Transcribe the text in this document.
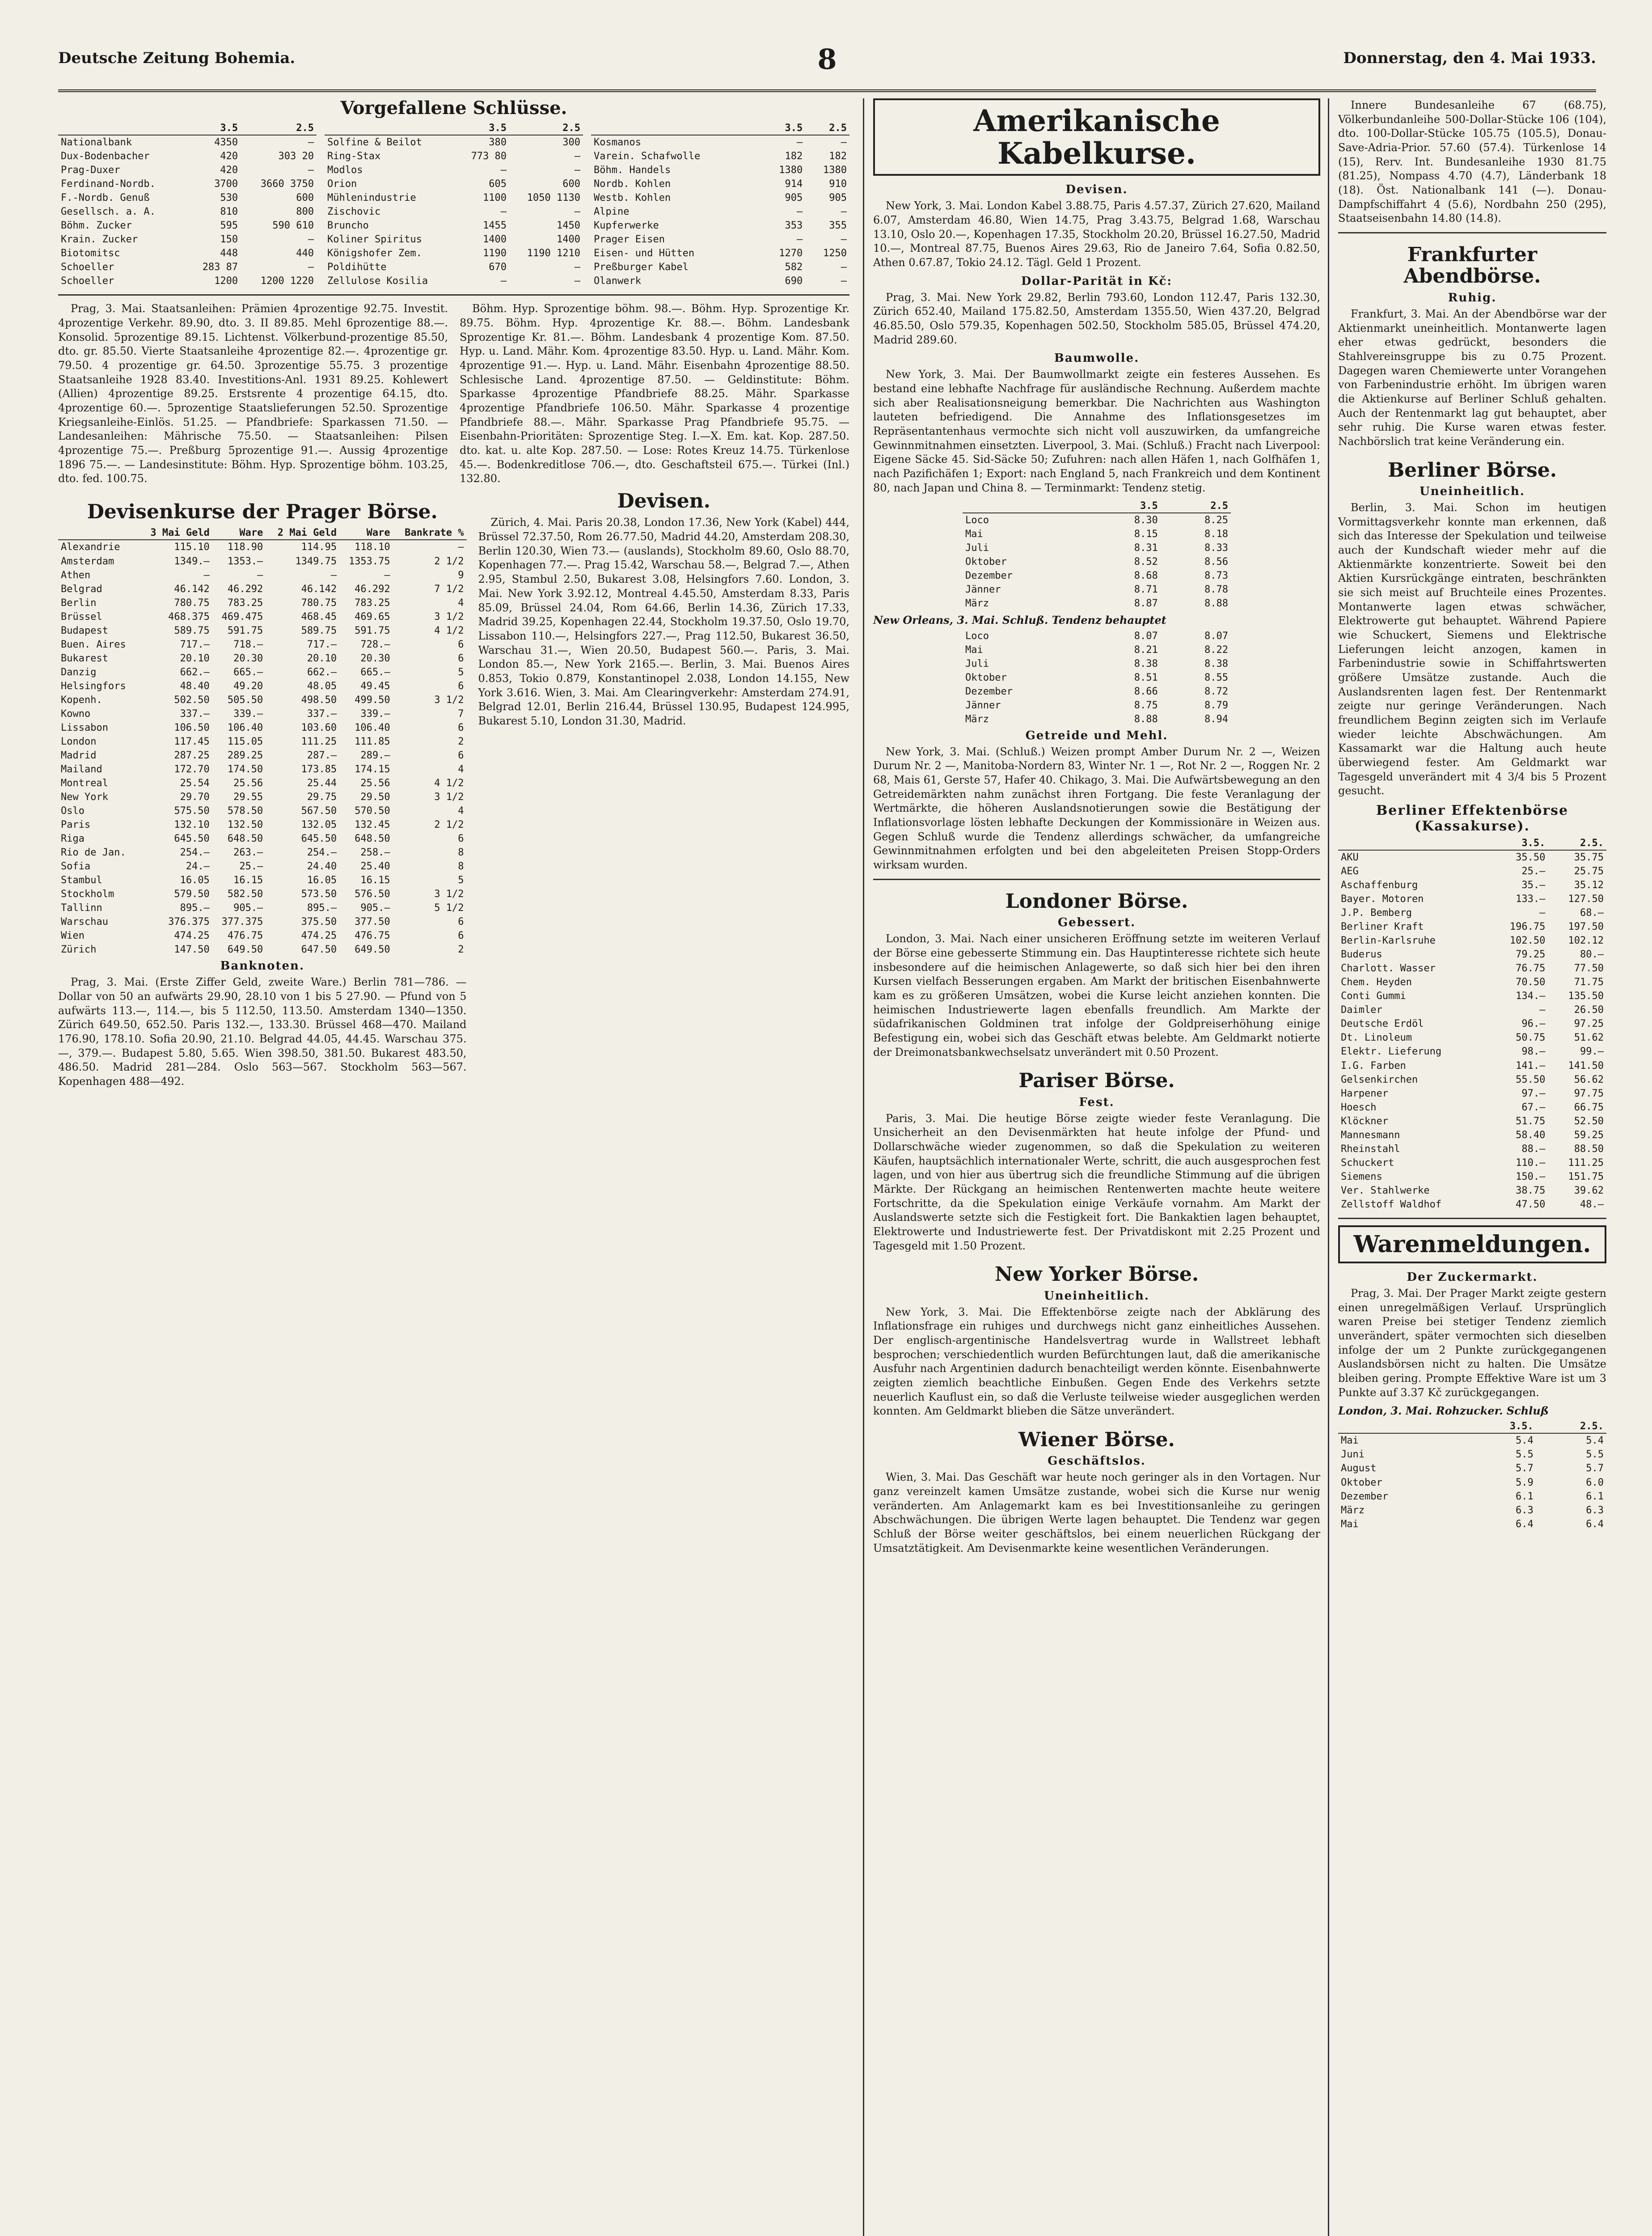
Deutsche Zeitung Bohemia.	8	Donnerstag, den 4. Mai 1933.
Vorgefallene Schlüsse.
	3.5	2.5
Nationalbank	4350	—
Dux-Bodenbacher	420	303 20
Prag-Duxer	420	—
Ferdinand-Nordb.	3700	3660 3750
F.-Nordb. Genuß	530	600
Gesellsch. a. A.	810	800
Böhm. Zucker	595	590 610
Krain. Zucker	150	—
Biotomitsc	448	440
Schoeller	283 87	—
Schoeller	1200	1200 1220
	3.5	2.5
Solfine & Beilot	380	300
Ring-Stax	773 80	—
Modlos	—	—
Orion	605	600
Mühlenindustrie	1100	1050 1130
Zischovic	—	—
Bruncho	1455	1450
Koliner Spiritus	1400	1400
Königshofer Zem.	1190	1190 1210
Poldihütte	670	—
Zellulose Kosilia	—	—
	3.5	2.5
Kosmanos	—	—
Varein. Schafwolle	182	182
Böhm. Handels	1380	1380
Nordb. Kohlen	914	910
Westb. Kohlen	905	905
Alpine	—	—
Kupferwerke	353	355
Prager Eisen	—	—
Eisen- und Hütten	1270	1250
Preßburger Kabel	582	—
Olanwerk	690	—

Prag, 3. Mai. Staatsanleihen: Prämien 4prozentige 92.75. Investit. 4prozentige Verkehr. 89.90, dto. 3. II 89.85. Mehl 6prozentige 88.—. Konsolid. 5prozentige 89.15. Lichtenst. Völkerbund-prozentige 85.50, dto. gr. 85.50. Vierte Staatsanleihe 4prozentige 82.—. 4prozentige gr. 79.50. 4 prozentige gr. 64.50. 3prozentige 55.75. 3 prozentige Staatsanleihe 1928 83.40. Investitions-Anl. 1931 89.25. Kohlewert (Allien) 4prozentige 89.25. Erstsrente 4 prozentige 64.15, dto. 4prozentige 60.—. 5prozentige Staatslieferungen 52.50. Sprozentige Kriegsanleihe-Einlös. 51.25. — Pfandbriefe: Sparkassen 71.50. — Landesanleihen: Mährische 75.50. — Staatsanleihen: Pilsen 4prozentige 75.—. Preßburg 5prozentige 91.—. Aussig 4prozentige 1896 75.—. — Landesinstitute: Böhm. Hyp. Sprozentige böhm. 103.25, dto. fed. 100.75.

Böhm. Hyp. Sprozentige böhm. 98.—. Böhm. Hyp. Sprozentige Kr. 89.75. Böhm. Hyp. 4prozentige Kr. 88.—. Böhm. Landesbank Sprozentige Kr. 81.—. Böhm. Landesbank 4 prozentige Kom. 87.50. Hyp. u. Land. Mähr. Kom. 4prozentige 83.50. Hyp. u. Land. Mähr. Kom. 4prozentige 91.—. Hyp. u. Land. Mähr. Eisenbahn 4prozentige 88.50. Schlesische Land. 4prozentige 87.50. — Geldinstitute: Böhm. Sparkasse 4prozentige Pfandbriefe 88.25. Mähr. Sparkasse 4prozentige Pfandbriefe 106.50. Mähr. Sparkasse 4 prozentige Pfandbriefe 88.—. Mähr. Sparkasse Prag Pfandbriefe 95.75. — Eisenbahn-Prioritäten: Sprozentige Steg. I.—X. Em. kat. Kop. 287.50. dto. kat. u. alte Kop. 287.50. — Lose: Rotes Kreuz 14.75. Türkenlose 45.—. Bodenkreditlose 706.—, dto. Geschaftsteil 675.—. Türkei (Inl.) 132.80.

Devisenkurse der Prager Börse.
	3 Mai Geld	Ware	2 Mai Geld	Ware	Bankrate %
Alexandrie	115.10	118.90	114.95	118.10	—
Amsterdam	1349.—	1353.—	1349.75	1353.75	2 1/2
Athen	—	—	—	—	9
Belgrad	46.142	46.292	46.142	46.292	7 1/2
Berlin	780.75	783.25	780.75	783.25	4
Brüssel	468.375	469.475	468.45	469.65	3 1/2
Budapest	589.75	591.75	589.75	591.75	4 1/2
Buen. Aires	717.—	718.—	717.—	728.—	6
Bukarest	20.10	20.30	20.10	20.30	6
Danzig	662.—	665.—	662.—	665.—	5
Helsingfors	48.40	49.20	48.05	49.45	6
Kopenh.	502.50	505.50	498.50	499.50	3 1/2
Kowno	337.—	339.—	337.—	339.—	7
Lissabon	106.50	106.40	103.60	106.40	6
London	117.45	115.05	111.25	111.85	2
Madrid	287.25	289.25	287.—	289.—	6
Mailand	172.70	174.50	173.85	174.15	4
Montreal	25.54	25.56	25.44	25.56	4 1/2
New York	29.70	29.55	29.75	29.50	3 1/2
Oslo	575.50	578.50	567.50	570.50	4
Paris	132.10	132.50	132.05	132.45	2 1/2
Riga	645.50	648.50	645.50	648.50	6
Rio de Jan.	254.—	263.—	254.—	258.—	8
Sofia	24.—	25.—	24.40	25.40	8
Stambul	16.05	16.15	16.05	16.15	5
Stockholm	579.50	582.50	573.50	576.50	3 1/2
Tallinn	895.—	905.—	895.—	905.—	5 1/2
Warschau	376.375	377.375	375.50	377.50	6
Wien	474.25	476.75	474.25	476.75	6
Zürich	147.50	649.50	647.50	649.50	2
Banknoten.

Prag, 3. Mai. (Erste Ziffer Geld, zweite Ware.) Berlin 781—786. — Dollar von 50 an aufwärts 29.90, 28.10 von 1 bis 5 27.90. — Pfund von 5 aufwärts 113.—, 114.—, bis 5 112.50, 113.50. Amsterdam 1340—1350. Zürich 649.50, 652.50. Paris 132.—, 133.30. Brüssel 468—470. Mailand 176.90, 178.10. Sofia 20.90, 21.10. Belgrad 44.05, 44.45. Warschau 375.—, 379.—. Budapest 5.80, 5.65. Wien 398.50, 381.50. Bukarest 483.50, 486.50. Madrid 281—284. Oslo 563—567. Stockholm 563—567. Kopenhagen 488—492.

Devisen.

Zürich, 4. Mai. Paris 20.38, London 17.36, New York (Kabel) 444, Brüssel 72.37.50, Rom 26.77.50, Madrid 44.20, Amsterdam 208.30, Berlin 120.30, Wien 73.— (auslands), Stockholm 89.60, Oslo 88.70, Kopenhagen 77.—. Prag 15.42, Warschau 58.—, Belgrad 7.—, Athen 2.95, Stambul 2.50, Bukarest 3.08, Helsingfors 7.60. London, 3. Mai. New York 3.92.12, Montreal 4.45.50, Amsterdam 8.33, Paris 85.09, Brüssel 24.04, Rom 64.66, Berlin 14.36, Zürich 17.33, Madrid 39.25, Kopenhagen 22.44, Stockholm 19.37.50, Oslo 19.70, Lissabon 110.—, Helsingfors 227.—, Prag 112.50, Bukarest 36.50, Warschau 31.—, Wien 20.50, Budapest 560.—. Paris, 3. Mai. London 85.—, New York 2165.—. Berlin, 3. Mai. Buenos Aires 0.853, Tokio 0.879, Konstantinopel 2.038, London 14.155, New York 3.616. Wien, 3. Mai. Am Clearingverkehr: Amsterdam 274.91, Belgrad 12.01, Berlin 216.44, Brüssel 130.95, Budapest 124.995, Bukarest 5.10, London 31.30, Madrid.

Amerikanische Kabelkurse.
Devisen.

New York, 3. Mai. London Kabel 3.88.75, Paris 4.57.37, Zürich 27.620, Mailand 6.07, Amsterdam 46.80, Wien 14.75, Prag 3.43.75, Belgrad 1.68, Warschau 13.10, Oslo 20.—, Kopenhagen 17.35, Stockholm 20.20, Brüssel 16.27.50, Madrid 10.—, Montreal 87.75, Buenos Aires 29.63, Rio de Janeiro 7.64, Sofia 0.82.50, Athen 0.67.87, Tokio 24.12. Tägl. Geld 1 Prozent.

Dollar-Parität in Kč:

Prag, 3. Mai. New York 29.82, Berlin 793.60, London 112.47, Paris 132.30, Zürich 652.40, Mailand 175.82.50, Amsterdam 1355.50, Wien 437.20, Belgrad 46.85.50, Oslo 579.35, Kopenhagen 502.50, Stockholm 585.05, Brüssel 474.20, Madrid 289.60.

Baumwolle.

New York, 3. Mai. Der Baumwollmarkt zeigte ein festeres Aussehen. Es bestand eine lebhafte Nachfrage für ausländische Rechnung. Außerdem machte sich aber Realisationsneigung bemerkbar. Die Nachrichten aus Washington lauteten befriedigend. Die Annahme des Inflationsgesetzes im Repräsentantenhaus vermochte sich nicht voll auszuwirken, da umfangreiche Gewinnmitnahmen einsetzten. Liverpool, 3. Mai. (Schluß.) Fracht nach Liverpool: Eigene Säcke 45. Sid-Säcke 50; Zufuhren: nach allen Häfen 1, nach Golfhäfen 1, nach Pazifichäfen 1; Export: nach England 5, nach Frankreich und dem Kontinent 80, nach Japan und China 8. — Terminmarkt: Tendenz stetig.

	3.5	2.5
Loco	8.30	8.25
Mai	8.15	8.18
Juli	8.31	8.33
Oktober	8.52	8.56
Dezember	8.68	8.73
Jänner	8.71	8.78
März	8.87	8.88
New Orleans, 3. Mai. Schluß. Tendenz behauptet
Loco	8.07	8.07
Mai	8.21	8.22
Juli	8.38	8.38
Oktober	8.51	8.55
Dezember	8.66	8.72
Jänner	8.75	8.79
März	8.88	8.94
Getreide und Mehl.

New York, 3. Mai. (Schluß.) Weizen prompt Amber Durum Nr. 2 —, Weizen Durum Nr. 2 —, Manitoba-Nordern 83, Winter Nr. 1 —, Rot Nr. 2 —, Roggen Nr. 2 68, Mais 61, Gerste 57, Hafer 40. Chikago, 3. Mai. Die Aufwärtsbewegung an den Getreidemärkten nahm zunächst ihren Fortgang. Die feste Veranlagung der Wertmärkte, die höheren Auslandsnotierungen sowie die Bestätigung der Inflationsvorlage lösten lebhafte Deckungen der Kommissionäre in Weizen aus. Gegen Schluß wurde die Tendenz allerdings schwächer, da umfangreiche Gewinnmitnahmen erfolgten und bei den abgeleiteten Preisen Stopp-Orders wirksam wurden.

Londoner Börse.
Gebessert.

London, 3. Mai. Nach einer unsicheren Eröffnung setzte im weiteren Verlauf der Börse eine gebesserte Stimmung ein. Das Hauptinteresse richtete sich heute insbesondere auf die heimischen Anlagewerte, so daß sich hier bei den ihren Kursen vielfach Besserungen ergaben. Am Markt der britischen Eisenbahnwerte kam es zu größeren Umsätzen, wobei die Kurse leicht anziehen konnten. Die heimischen Industriewerte lagen ebenfalls freundlich. Am Markte der südafrikanischen Goldminen trat infolge der Goldpreiserhöhung einige Befestigung ein, wobei sich das Geschäft etwas belebte. Am Geldmarkt notierte der Dreimonatsbankwechselsatz unverändert mit 0.50 Prozent.

Pariser Börse.
Fest.

Paris, 3. Mai. Die heutige Börse zeigte wieder feste Veranlagung. Die Unsicherheit an den Devisenmärkten hat heute infolge der Pfund- und Dollarschwäche wieder zugenommen, so daß die Spekulation zu weiteren Käufen, hauptsächlich internationaler Werte, schritt, die auch ausgesprochen fest lagen, und von hier aus übertrug sich die freundliche Stimmung auf die übrigen Märkte. Der Rückgang an heimischen Rentenwerten machte heute weitere Fortschritte, da die Spekulation einige Verkäufe vornahm. Am Markt der Auslandswerte setzte sich die Festigkeit fort. Die Bankaktien lagen behauptet, Elektrowerte und Industriewerte fest. Der Privatdiskont mit 2.25 Prozent und Tagesgeld mit 1.50 Prozent.

New Yorker Börse.
Uneinheitlich.

New York, 3. Mai. Die Effektenbörse zeigte nach der Abklärung des Inflationsfrage ein ruhiges und durchwegs nicht ganz einheitliches Aussehen. Der englisch-argentinische Handelsvertrag wurde in Wallstreet lebhaft besprochen; verschiedentlich wurden Befürchtungen laut, daß die amerikanische Ausfuhr nach Argentinien dadurch benachteiligt werden könnte. Eisenbahnwerte zeigten ziemlich beachtliche Einbußen. Gegen Ende des Verkehrs setzte neuerlich Kauflust ein, so daß die Verluste teilweise wieder ausgeglichen werden konnten. Am Geldmarkt blieben die Sätze unverändert.

Wiener Börse.
Geschäftslos.

Wien, 3. Mai. Das Geschäft war heute noch geringer als in den Vortagen. Nur ganz vereinzelt kamen Umsätze zustande, wobei sich die Kurse nur wenig veränderten. Am Anlagemarkt kam es bei Investitionsanleihe zu geringen Abschwächungen. Die übrigen Werte lagen behauptet. Die Tendenz war gegen Schluß der Börse weiter geschäftslos, bei einem neuerlichen Rückgang der Umsatztätigkeit. Am Devisenmarkte keine wesentlichen Veränderungen.

Innere Bundesanleihe 67 (68.75), Völkerbundanleihe 500-Dollar-Stücke 106 (104), dto. 100-Dollar-Stücke 105.75 (105.5), Donau-Save-Adria-Prior. 57.60 (57.4). Türkenlose 14 (15), Rerv. Int. Bundesanleihe 1930 81.75 (81.25), Nompass 4.70 (4.7), Länderbank 18 (18). Öst. Nationalbank 141 (—). Donau-Dampfschiffahrt 4 (5.6), Nordbahn 250 (295), Staatseisenbahn 14.80 (14.8).

Frankfurter Abendbörse.
Ruhig.

Frankfurt, 3. Mai. An der Abendbörse war der Aktienmarkt uneinheitlich. Montanwerte lagen eher etwas gedrückt, besonders die Stahlvereinsgruppe bis zu 0.75 Prozent. Dagegen waren Chemiewerte unter Vorangehen von Farbenindustrie erhöht. Im übrigen waren die Aktienkurse auf Berliner Schluß gehalten. Auch der Rentenmarkt lag gut behauptet, aber sehr ruhig. Die Kurse waren etwas fester. Nachbörslich trat keine Veränderung ein.

Berliner Börse.
Uneinheitlich.

Berlin, 3. Mai. Schon im heutigen Vormittagsverkehr konnte man erkennen, daß sich das Interesse der Spekulation und teilweise auch der Kundschaft wieder mehr auf die Aktienmärkte konzentrierte. Soweit bei den Aktien Kursrückgänge eintraten, beschränkten sie sich meist auf Bruchteile eines Prozentes. Montanwerte lagen etwas schwächer, Elektrowerte gut behauptet. Während Papiere wie Schuckert, Siemens und Elektrische Lieferungen leicht anzogen, kamen in Farbenindustrie sowie in Schiffahrtswerten größere Umsätze zustande. Auch die Auslandsrenten lagen fest. Der Rentenmarkt zeigte nur geringe Veränderungen. Nach freundlichem Beginn zeigten sich im Verlaufe wieder leichte Abschwächungen. Am Kassamarkt war die Haltung auch heute überwiegend fester. Am Geldmarkt war Tagesgeld unverändert mit 4 3/4 bis 5 Prozent gesucht.

Berliner Effektenbörse (Kassakurse).
	3.5.	2.5.
AKU	35.50	35.75
AEG	25.—	25.75
Aschaffenburg	35.—	35.12
Bayer. Motoren	133.—	127.50
J.P. Bemberg	—	68.—
Berliner Kraft	196.75	197.50
Berlin-Karlsruhe	102.50	102.12
Buderus	79.25	80.—
Charlott. Wasser	76.75	77.50
Chem. Heyden	70.50	71.75
Conti Gummi	134.—	135.50
Daimler	—	26.50
Deutsche Erdöl	96.—	97.25
Dt. Linoleum	50.75	51.62
Elektr. Lieferung	98.—	99.—
I.G. Farben	141.—	141.50
Gelsenkirchen	55.50	56.62
Harpener	97.—	97.75
Hoesch	67.—	66.75
Klöckner	51.75	52.50
Mannesmann	58.40	59.25
Rheinstahl	88.—	88.50
Schuckert	110.—	111.25
Siemens	150.—	151.75
Ver. Stahlwerke	38.75	39.62
Zellstoff Waldhof	47.50	48.—
Warenmeldungen.
Der Zuckermarkt.

Prag, 3. Mai. Der Prager Markt zeigte gestern einen unregelmäßigen Verlauf. Ursprünglich waren Preise bei stetiger Tendenz ziemlich unverändert, später vermochten sich dieselben infolge der um 2 Punkte zurückgegangenen Auslandsbörsen nicht zu halten. Die Umsätze bleiben gering. Prompte Effektive Ware ist um 3 Punkte auf 3.37 Kč zurückgegangen.

London, 3. Mai. Rohzucker. Schluß
	3.5.	2.5.
Mai	5.4	5.4
Juni	5.5	5.5
August	5.7	5.7
Oktober	5.9	6.0
Dezember	6.1	6.1
März	6.3	6.3
Mai	6.4	6.4
